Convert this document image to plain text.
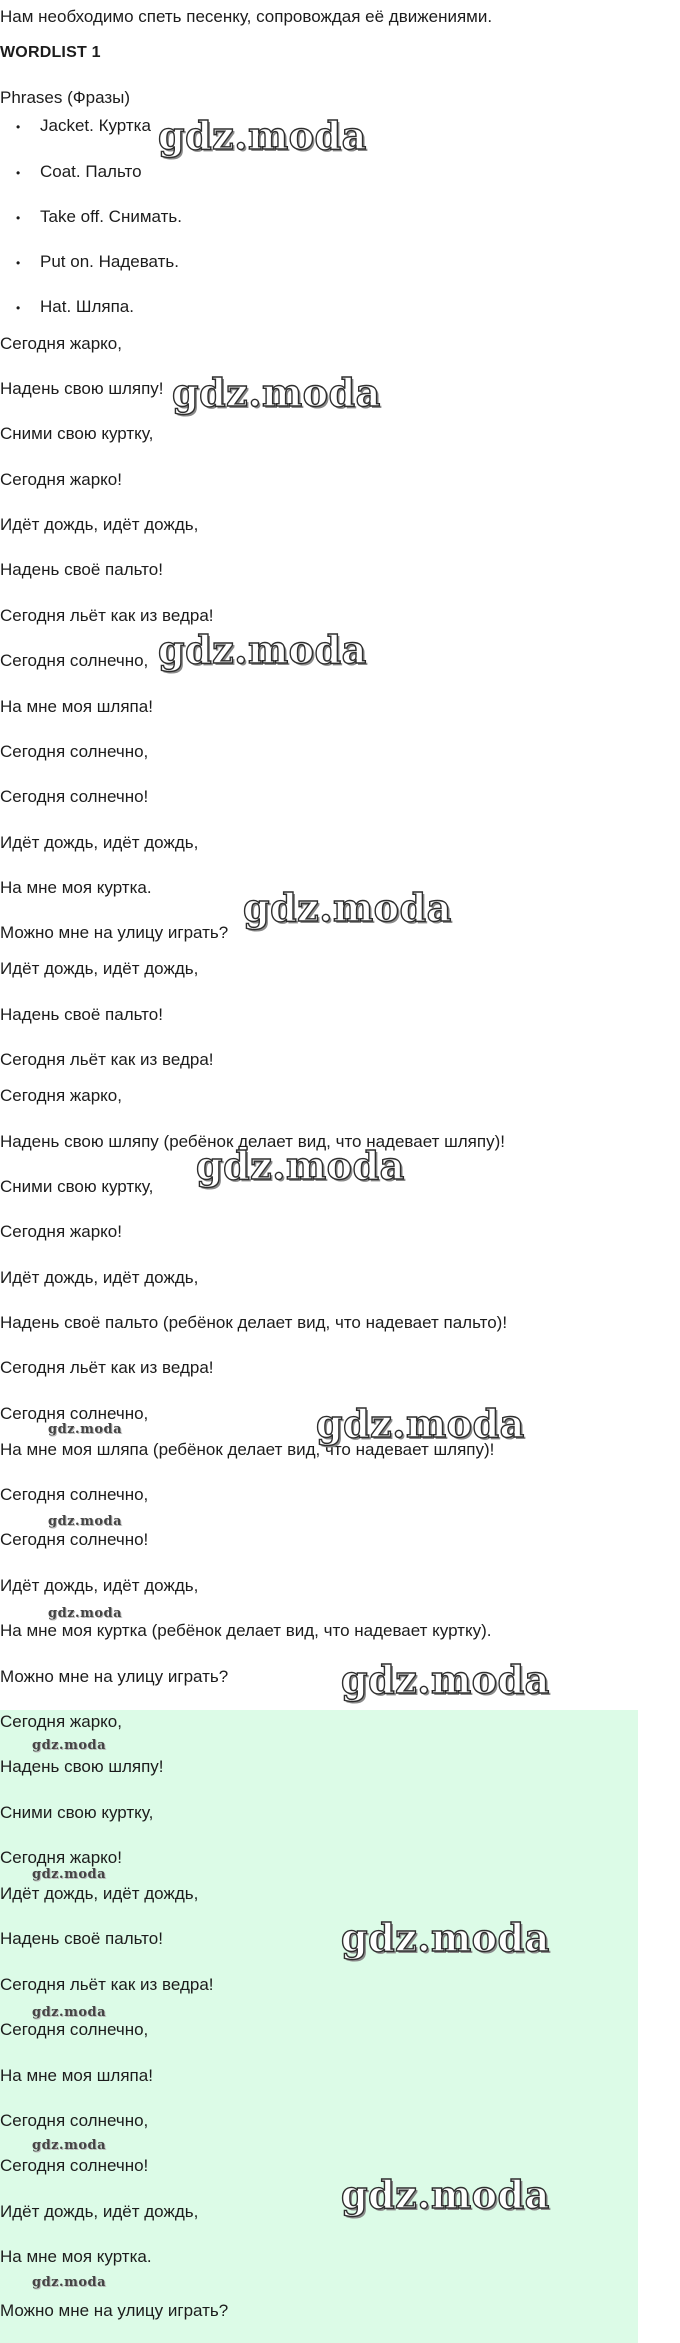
Нам необходимо спеть песенку, сопровождая её движениями.
WORDLIST 1
Phrases (Фразы)
• Jacket. Куртка
• Coat. Пальто
• Take off. Снимать.
• Put on. Надевать.
• Hat. Шляпа.
Сегодня жарко,
Надень свою шляпу!
Сними свою куртку,
Сегодня жарко!
Идёт дождь, идёт дождь,
Надень своё пальто!
Сегодня льёт как из ведра!
Сегодня солнечно,
На мне моя шляпа!
Сегодня солнечно,
Сегодня солнечно!
Идёт дождь, идёт дождь,
На мне моя куртка.
Можно мне на улицу играть?
Идёт дождь, идёт дождь,
Надень своё пальто!
Сегодня льёт как из ведра!
Сегодня жарко,
Надень свою шляпу (ребёнок делает вид, что надевает шляпу)!
Сними свою куртку,
Сегодня жарко!
Идёт дождь, идёт дождь,
Надень своё пальто (ребёнок делает вид, что надевает пальто)!
Сегодня льёт как из ведра!
Сегодня солнечно,
На мне моя шляпа (ребёнок делает вид, что надевает шляпу)!
Сегодня солнечно,
Сегодня солнечно!
Идёт дождь, идёт дождь,
На мне моя куртка (ребёнок делает вид, что надевает куртку).
Можно мне на улицу играть?
Сегодня жарко,
Надень свою шляпу!
Сними свою куртку,
Сегодня жарко!
Идёт дождь, идёт дождь,
Надень своё пальто!
Сегодня льёт как из ведра!
Сегодня солнечно,
На мне моя шляпа!
Сегодня солнечно,
Сегодня солнечно!
Идёт дождь, идёт дождь,
На мне моя куртка.
Можно мне на улицу играть?
gdz.moda
gdz.moda
gdz.moda
gdz.moda
gdz.moda
gdz.moda
gdz.moda
gdz.moda
gdz.moda
gdz.moda
gdz.moda
gdz.moda
gdz.moda
gdz.moda
gdz.moda
gdz.moda
gdz.moda
